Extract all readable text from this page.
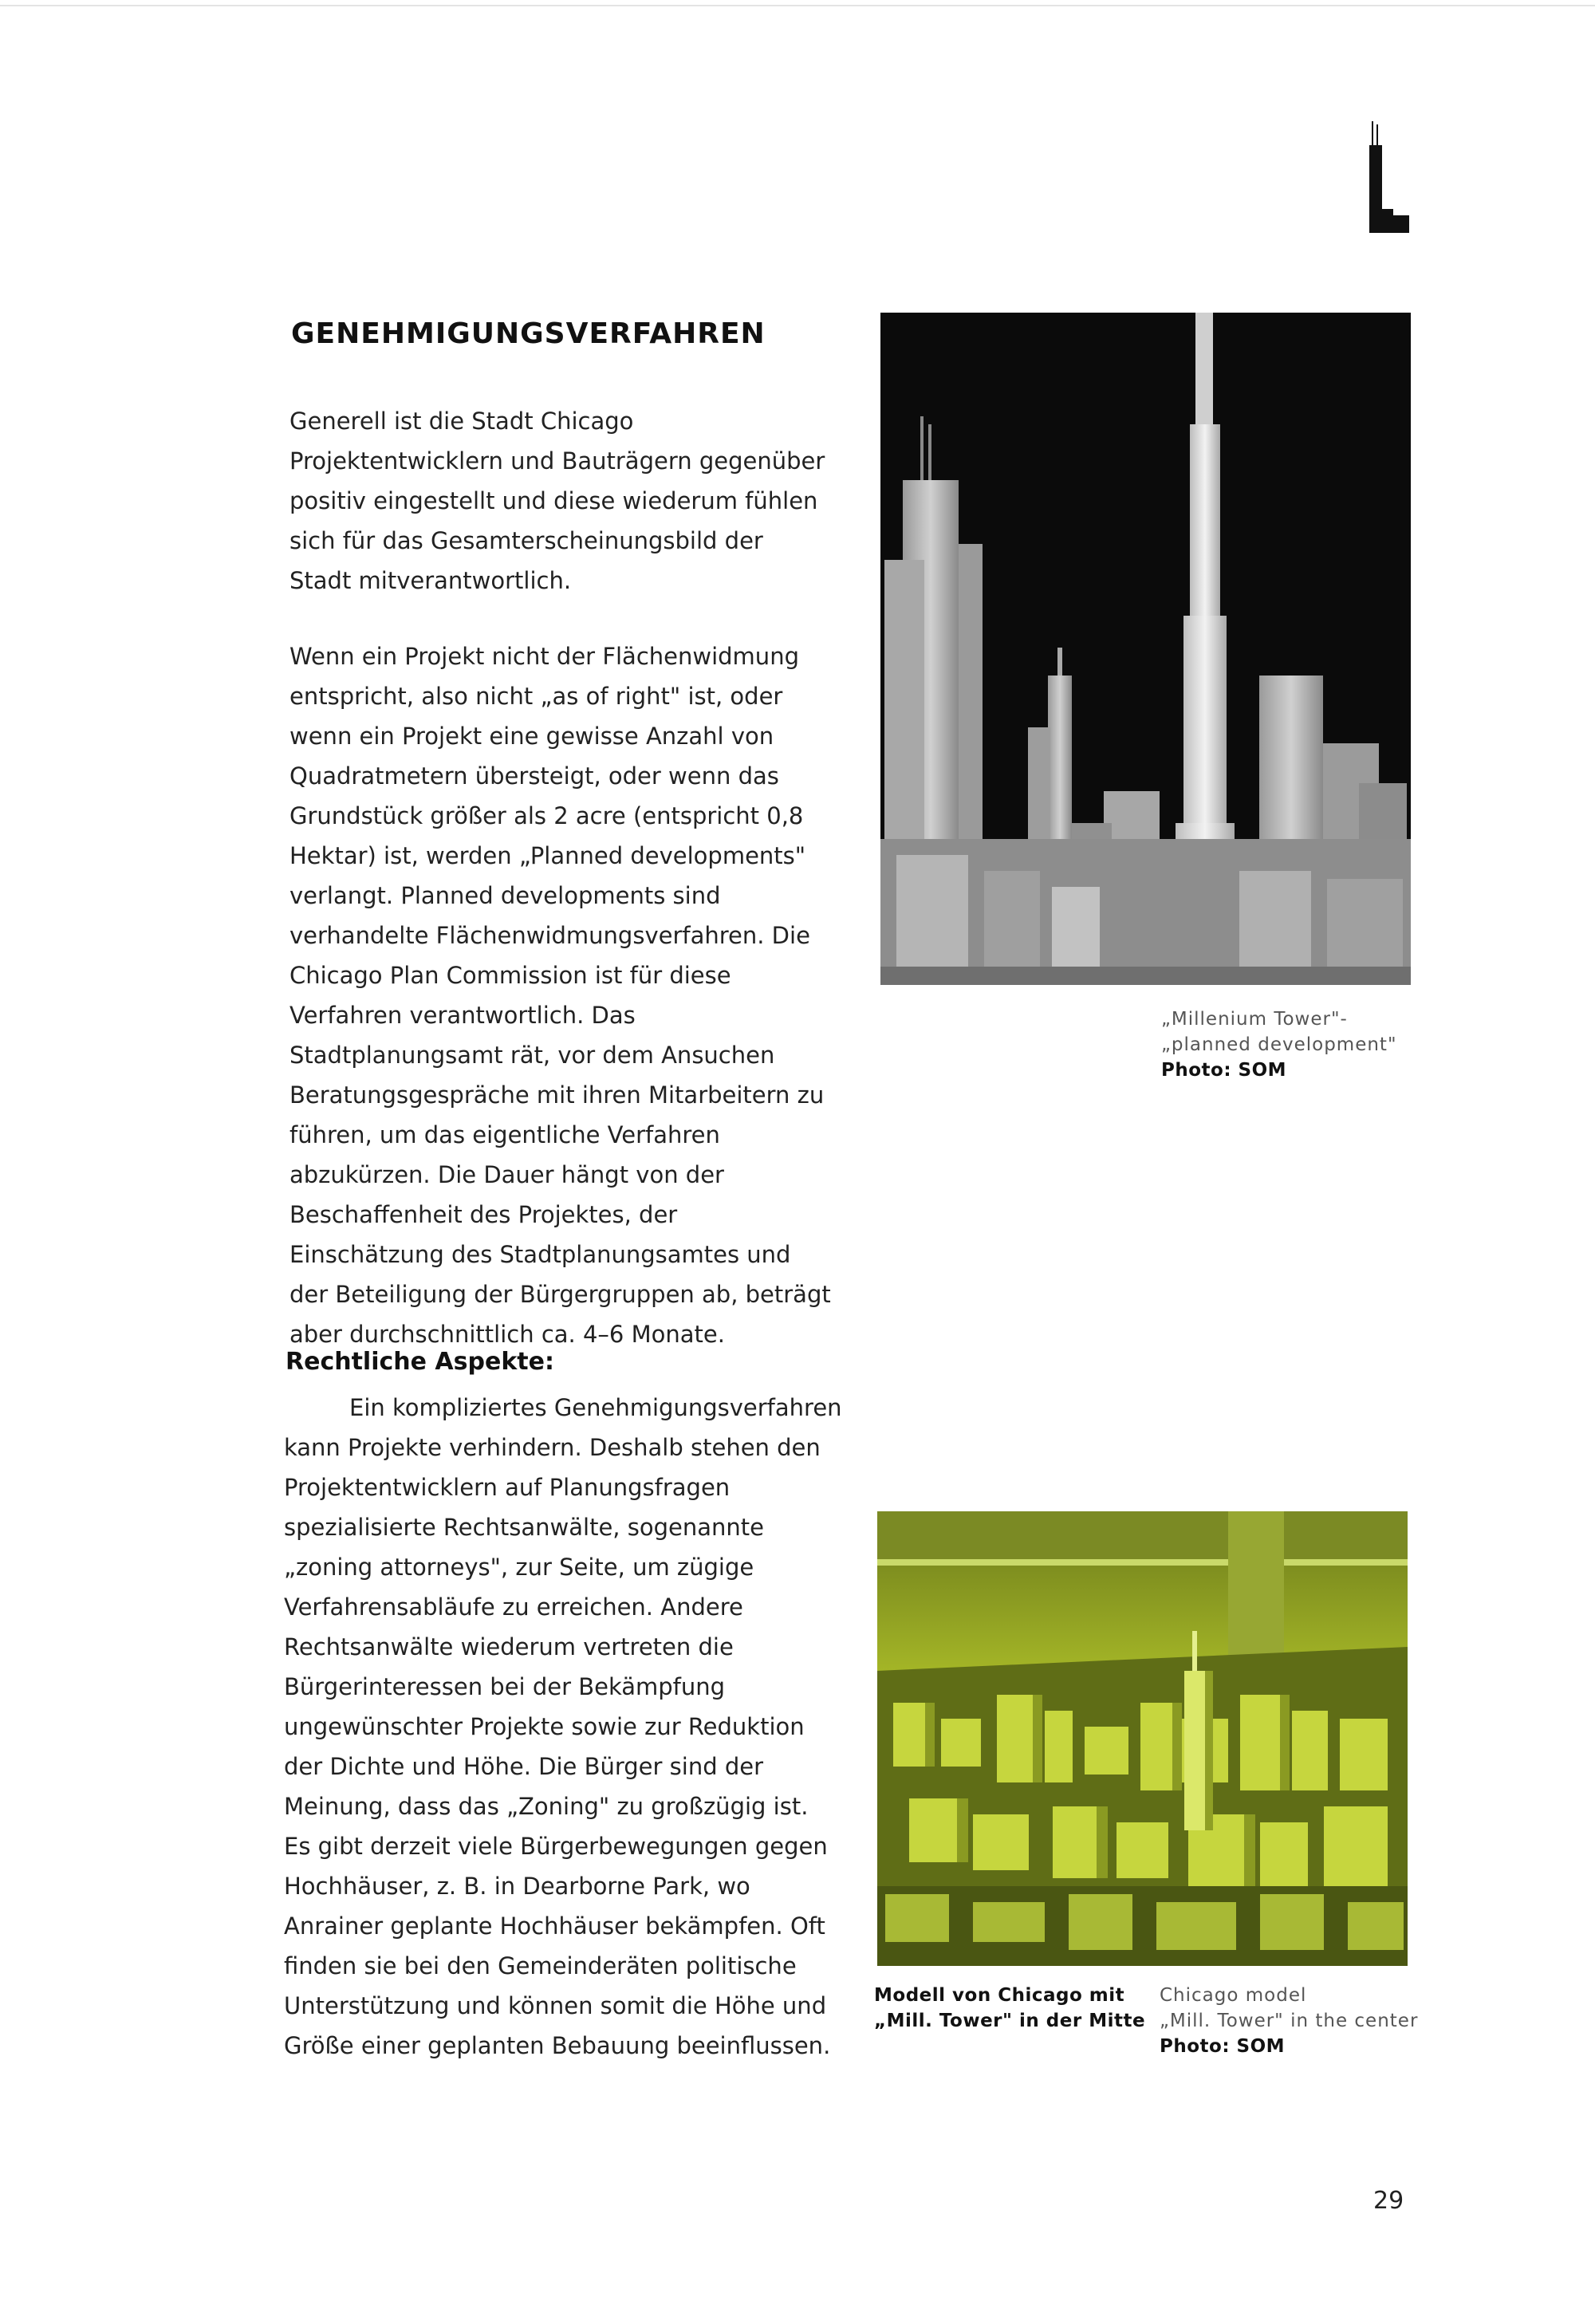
GENEHMIGUNGSVERFAHREN

Generell ist die Stadt Chicago Projektentwicklern und Bauträgern gegenüber positiv eingestellt und diese wiederum fühlen sich für das Gesamterscheinungsbild der Stadt mitverantwortlich.

Wenn ein Projekt nicht der Flächenwidmung entspricht, also nicht „as of right" ist, oder wenn ein Projekt eine gewisse Anzahl von Quadratmetern übersteigt, oder wenn das Grundstück größer als 2 acre (entspricht 0,8 Hektar) ist, werden „Planned developments" verlangt. Planned developments sind verhandelte Flächenwidmungsverfahren. Die Chicago Plan Commission ist für diese Verfahren verantwortlich. Das Stadtplanungsamt rät, vor dem Ansuchen Beratungsgespräche mit ihren Mitarbeitern zu führen, um das eigentliche Verfahren abzukürzen. Die Dauer hängt von der Beschaffenheit des Projektes, der Einschätzung des Stadtplanungsamtes und der Beteiligung der Bürgergruppen ab, beträgt aber durchschnittlich ca. 4–6 Monate.

Rechtliche Aspekte:

Ein kompliziertes Genehmigungsverfahren kann Projekte verhindern. Deshalb stehen den Projektentwicklern auf Planungsfragen spezialisierte Rechtsanwälte, sogenannte „zoning attorneys", zur Seite, um zügige Verfahrensabläufe zu erreichen. Andere Rechtsanwälte wiederum vertreten die Bürgerinteressen bei der Bekämpfung ungewünschter Projekte sowie zur Reduktion der Dichte und Höhe. Die Bürger sind der Meinung, dass das „Zoning" zu großzügig ist. Es gibt derzeit viele Bürgerbewegungen gegen Hochhäuser, z. B. in Dearborne Park, wo Anrainer geplante Hochhäuser bekämpfen. Oft finden sie bei den Gemeinderäten politische Unterstützung und können somit die Höhe und Größe einer geplanten Bebauung beeinflussen.

„Millenium Tower"-
„planned development"
Photo: SOM

Modell von Chicago mit
„Mill. Tower" in der Mitte

Chicago model
„Mill. Tower" in the center
Photo: SOM

29
